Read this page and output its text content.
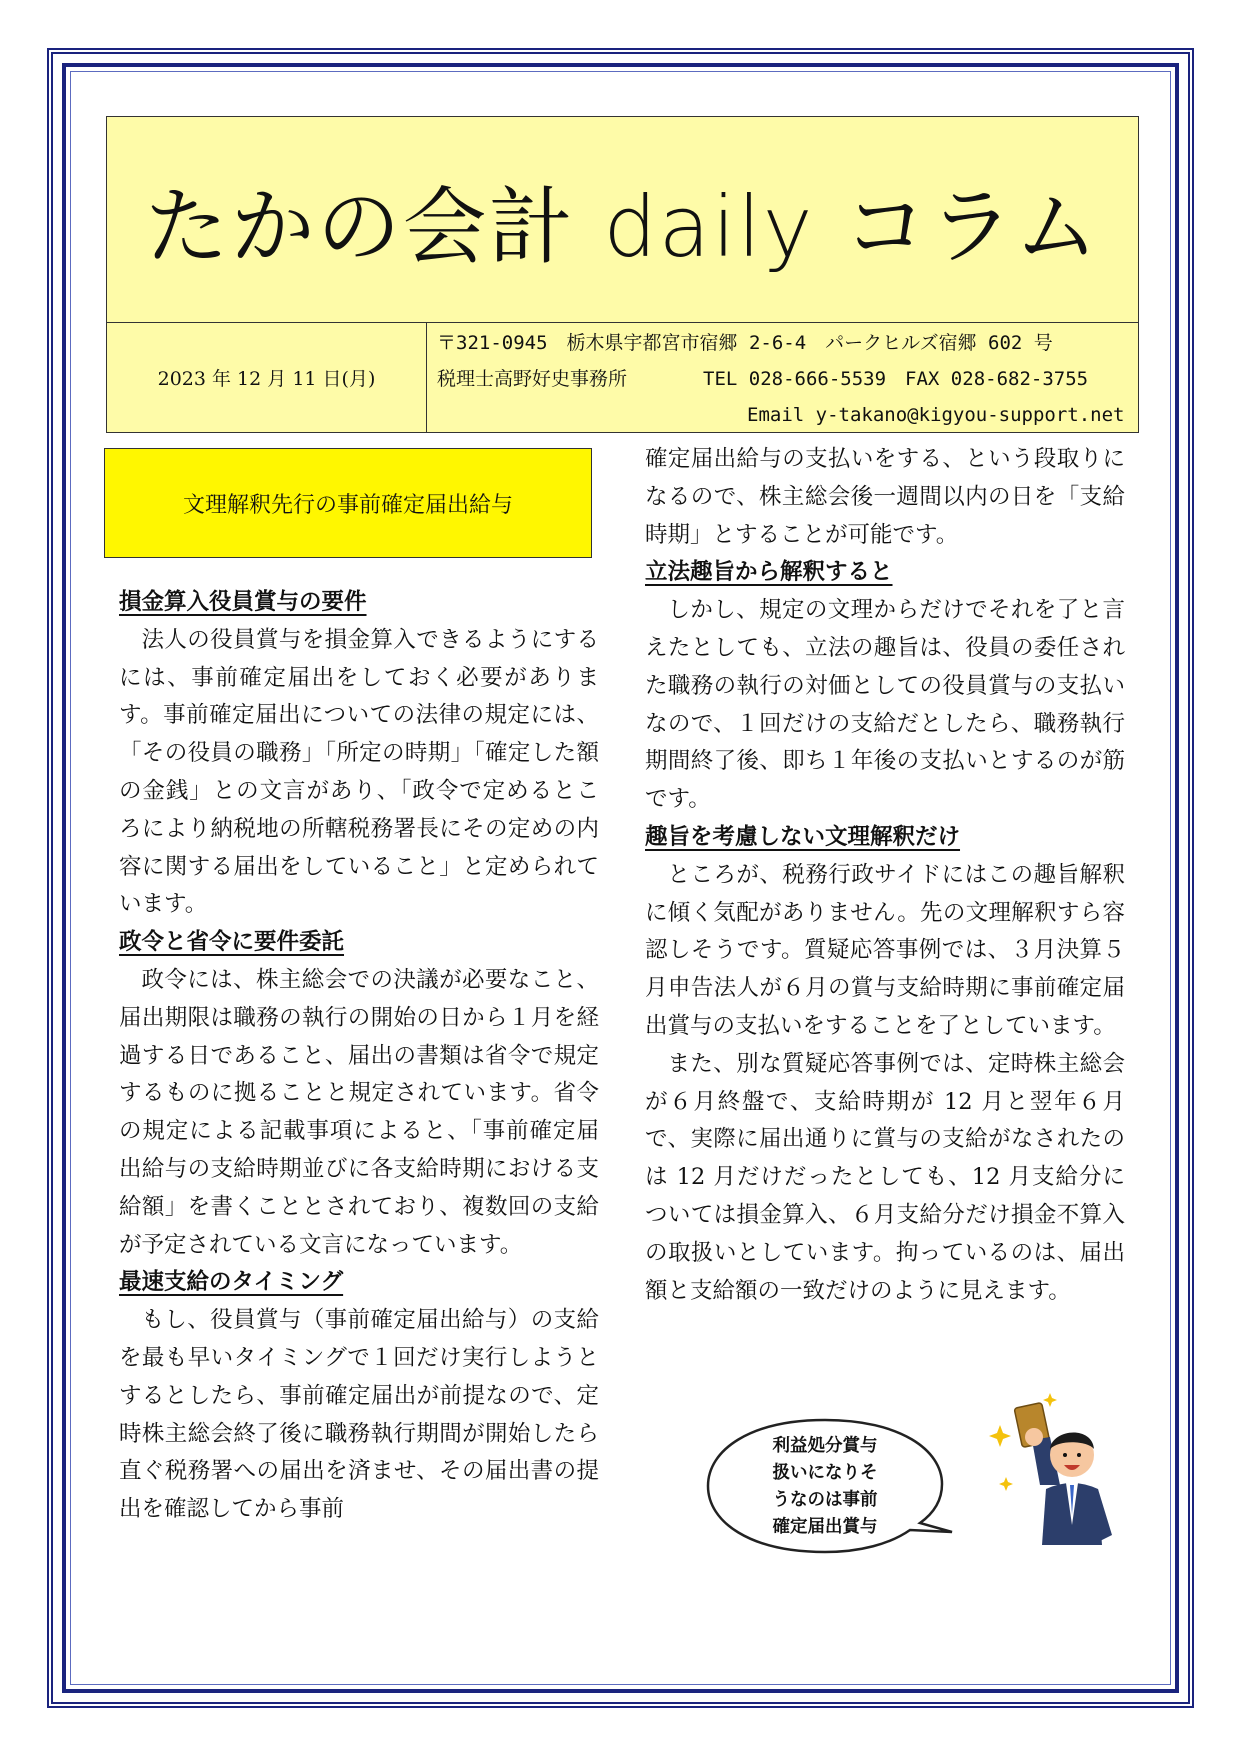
たかの会計 daily コラム
2023 年 12 月 11 日(月)
〒321-0945　栃木県宇都宮市宿郷 2-6-4　パークヒルズ宿郷 602 号
税理士高野好史事務所　　　　	TEL 028-666-5539　FAX 028-682-3755
Email y-takano@kigyou-support.net
文理解釈先行の事前確定届出給与
損金算入役員賞与の要件

法人の役員賞与を損金算入できるようにするには、事前確定届出をしておく必要があります。事前確定届出についての法律の規定には、「その役員の職務」「所定の時期」「確定した額の金銭」との文言があり、「政令で定めるところにより納税地の所轄税務署長にその定めの内容に関する届出をしていること」と定められています。

政令と省令に要件委託

政令には、株主総会での決議が必要なこと、届出期限は職務の執行の開始の日から１月を経過する日であること、届出の書類は省令で規定するものに拠ることと規定されています。省令の規定による記載事項によると、「事前確定届出給与の支給時期並びに各支給時期における支給額」を書くこととされており、複数回の支給が予定されている文言になっています。

最速支給のタイミング

もし、役員賞与（事前確定届出給与）の支給を最も早いタイミングで１回だけ実行しようとするとしたら、事前確定届出が前提なので、定時株主総会終了後に職務執行期間が開始したら直ぐ税務署への届出を済ませ、その届出書の提出を確認してから事前

確定届出給与の支払いをする、という段取りになるので、株主総会後一週間以内の日を「支給時期」とすることが可能です。

立法趣旨から解釈すると

しかし、規定の文理からだけでそれを了と言えたとしても、立法の趣旨は、役員の委任された職務の執行の対価としての役員賞与の支払いなので、１回だけの支給だとしたら、職務執行期間終了後、即ち１年後の支払いとするのが筋です。

趣旨を考慮しない文理解釈だけ

ところが、税務行政サイドにはこの趣旨解釈に傾く気配がありません。先の文理解釈すら容認しそうです。質疑応答事例では、３月決算５月申告法人が６月の賞与支給時期に事前確定届出賞与の支払いをすることを了としています。

また、別な質疑応答事例では、定時株主総会が６月終盤で、支給時期が 12 月と翌年６月で、実際に届出通りに賞与の支給がなされたのは 12 月だけだったとしても、12 月支給分については損金算入、６月支給分だけ損金不算入の取扱いとしています。拘っているのは、届出額と支給額の一致だけのように見えます。

利益処分賞与
扱いになりそ
うなのは事前
確定届出賞与
